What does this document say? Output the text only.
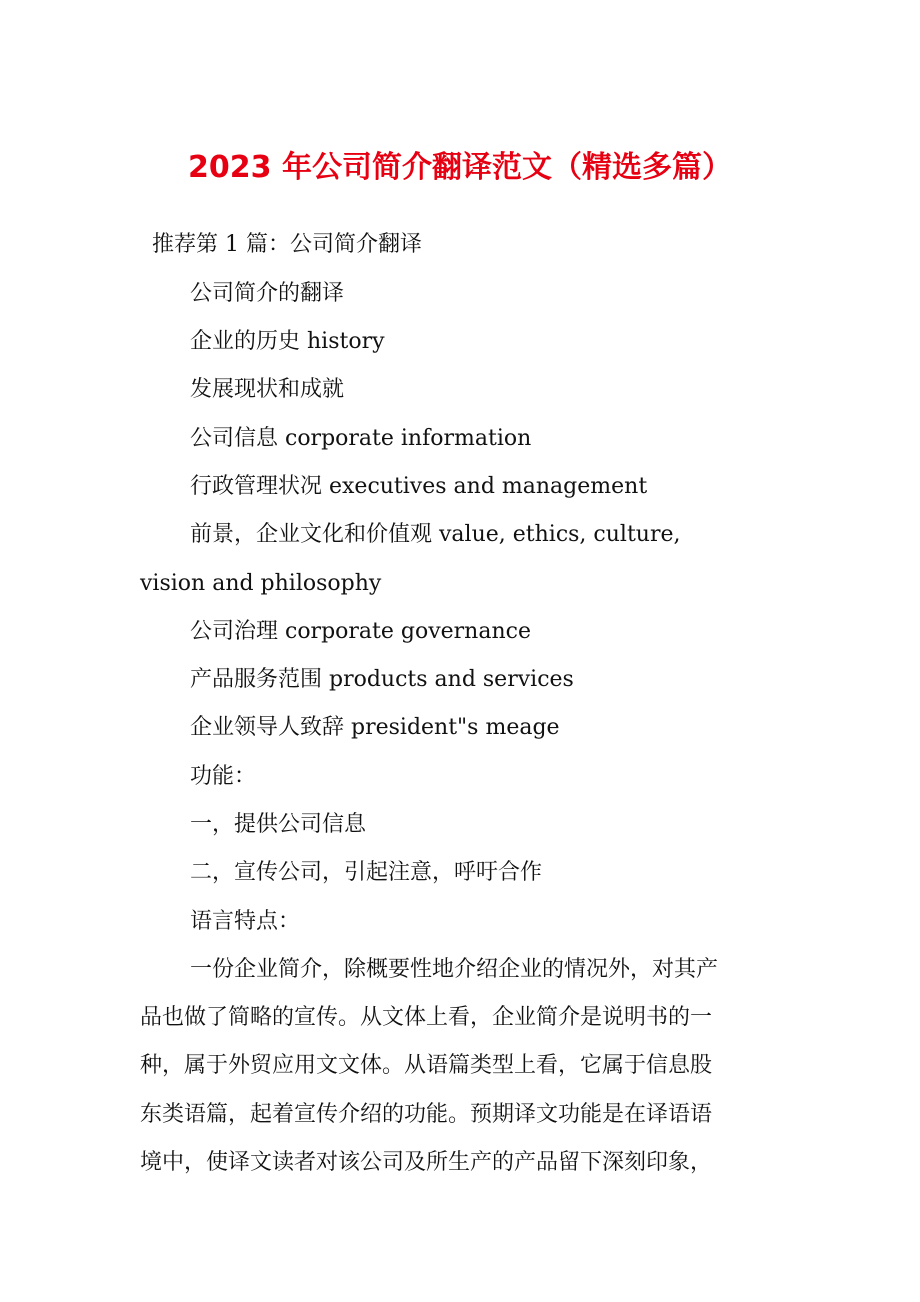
2023 年公司简介翻译范文（精选多篇）
推荐第 1 篇：公司简介翻译
公司简介的翻译
企业的历史 history
发展现状和成就
公司信息 corporate information
行政管理状况 executives and management
前景，企业文化和价值观 value, ethics, culture,
vision and philosophy
公司治理 corporate governance
产品服务范围 products and services
企业领导人致辞 president"s meage
功能：
一，提供公司信息
二，宣传公司，引起注意，呼吁合作
语言特点：
一份企业简介，除概要性地介绍企业的情况外，对其产
品也做了简略的宣传。从文体上看，企业简介是说明书的一
种，属于外贸应用文文体。从语篇类型上看，它属于信息股
东类语篇，起着宣传介绍的功能。预期译文功能是在译语语
境中，使译文读者对该公司及所生产的产品留下深刻印象，
